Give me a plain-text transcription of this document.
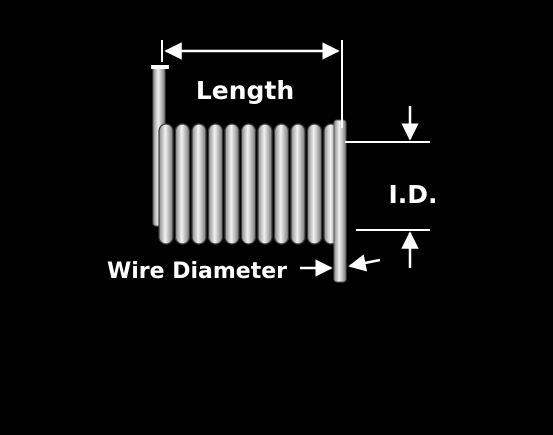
Length
I.D.
Wire Diameter
